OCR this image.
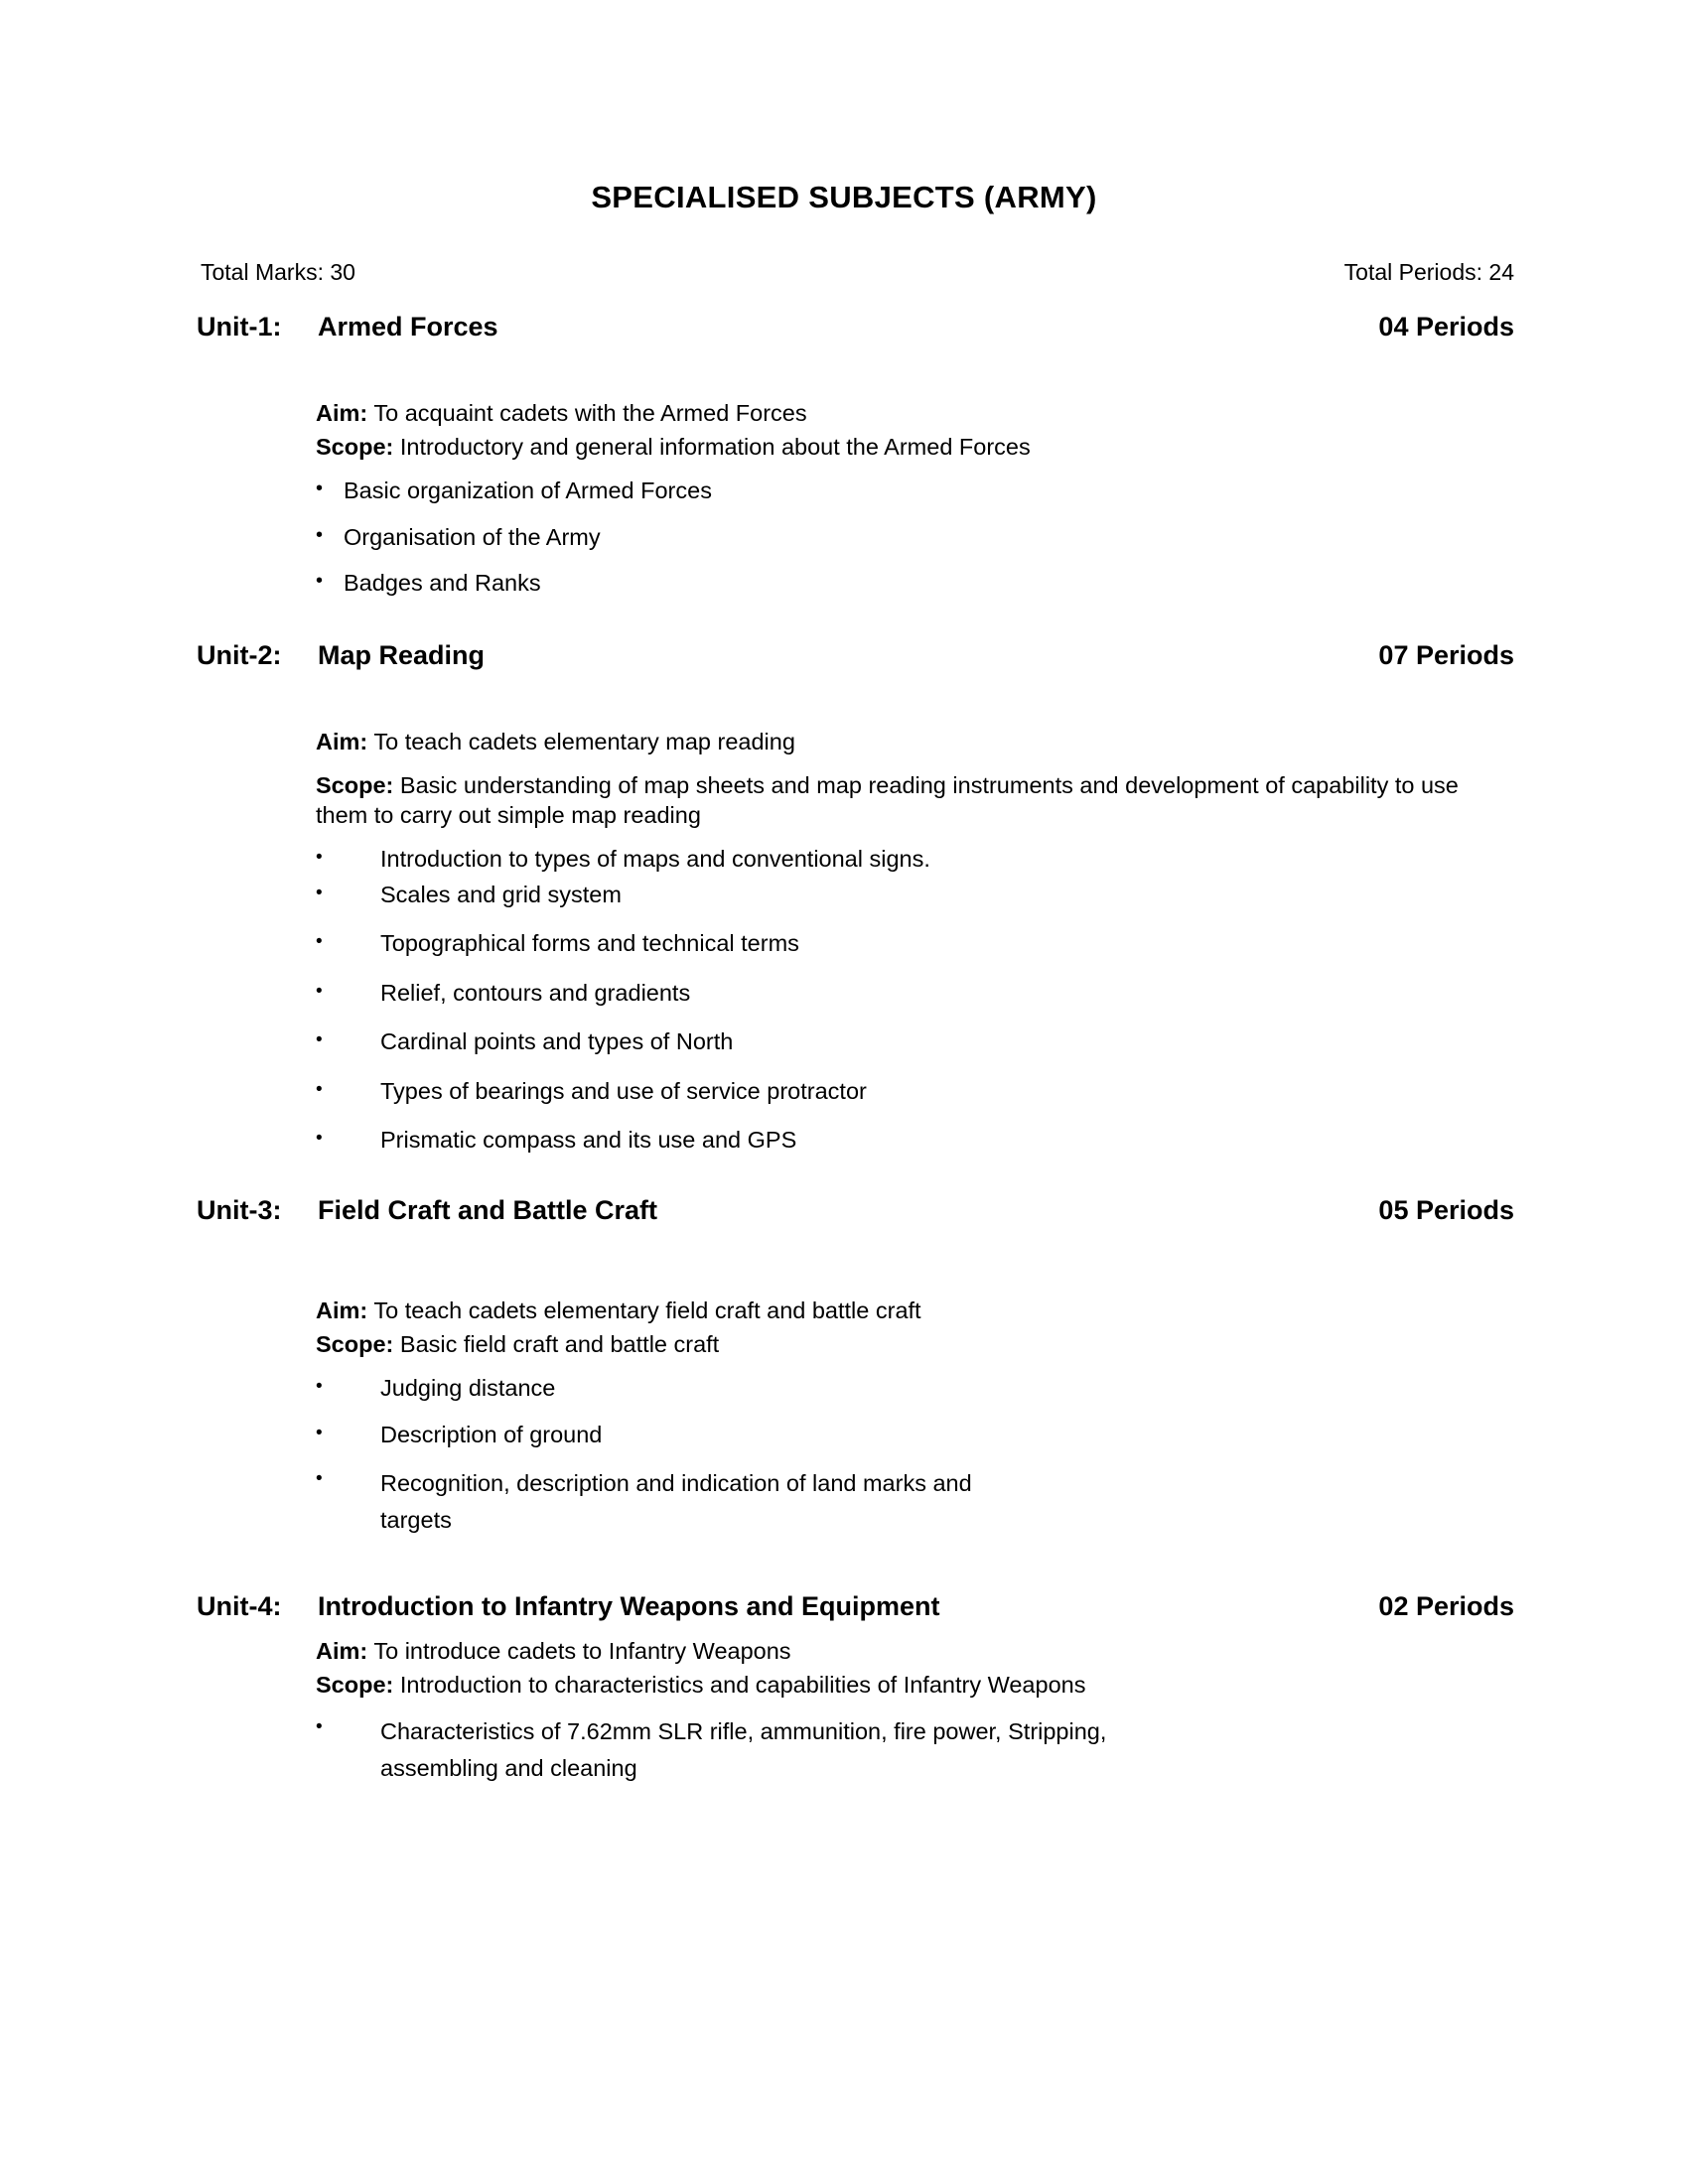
SPECIALISED SUBJECTS (ARMY)
Total Marks: 30	Total Periods: 24
Unit-1:	Armed Forces	04 Periods

Aim: To acquaint cadets with the Armed Forces

Scope: Introductory and general information about the Armed Forces

• Basic organization of Armed Forces
• Organisation of the Army
• Badges and Ranks
Unit-2:	Map Reading	07 Periods

Aim: To teach cadets elementary map reading

Scope: Basic understanding of map sheets and map reading instruments and development of capability to use them to carry out simple map reading

• Introduction to types of maps and conventional signs.
• Scales and grid system
• Topographical forms and technical terms
• Relief, contours and gradients
• Cardinal points and types of North
• Types of bearings and use of service protractor
• Prismatic compass and its use and GPS
Unit-3:	Field Craft and Battle Craft	05 Periods

Aim: To teach cadets elementary field craft and battle craft

Scope: Basic field craft and battle craft

• Judging distance
• Description of ground
• Recognition, description and indication of land marks and targets
Unit-4:	Introduction to Infantry Weapons and Equipment	02 Periods

Aim: To introduce cadets to Infantry Weapons

Scope: Introduction to characteristics and capabilities of Infantry Weapons

• Characteristics of 7.62mm SLR rifle, ammunition, fire power, Stripping, assembling and cleaning
